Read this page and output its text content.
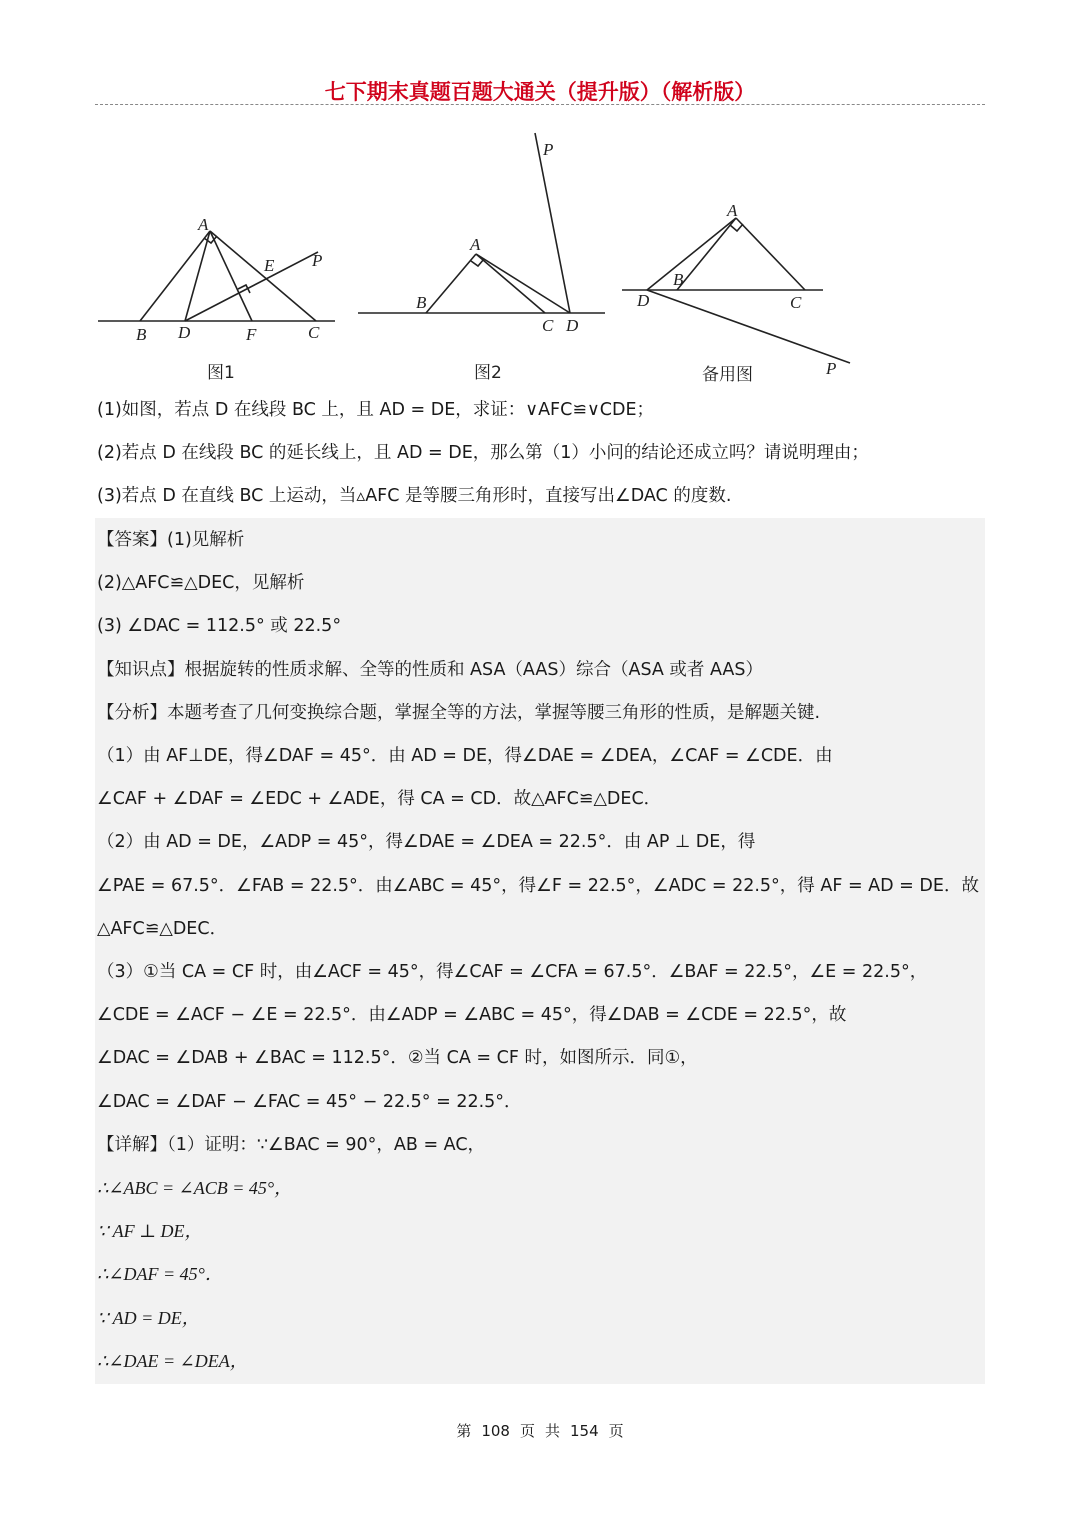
七下期末真题百题大通关（提升版）（解析版）
A
E P
B D	F	C
图1
P
A
B
C D
图2
A
B
D	C
P
备用图
(1)如图，若点 D 在线段 BC 上，且 AD = DE，求证：∨AFC≌∨CDE；
(2)若点 D 在线段 BC 的延长线上，且 AD = DE，那么第（1）小问的结论还成立吗？请说明理由；
(3)若点 D 在直线 BC 上运动，当▵AFC 是等腰三角形时，直接写出∠DAC 的度数.
【答案】(1)见解析
(2)△AFC≌△DEC，见解析
(3) ∠DAC = 112.5° 或 22.5°
【知识点】根据旋转的性质求解、全等的性质和 ASA（AAS）综合（ASA 或者 AAS）
【分析】本题考查了几何变换综合题，掌握全等的方法，掌握等腰三角形的性质，是解题关键.
（1）由 AF⊥DE，得∠DAF = 45°．由 AD = DE，得∠DAE = ∠DEA，∠CAF = ∠CDE．由
∠CAF + ∠DAF = ∠EDC + ∠ADE，得 CA = CD．故△AFC≌△DEC．
（2）由 AD = DE，∠ADP = 45°，得∠DAE = ∠DEA = 22.5°．由 AP ⊥ DE，得
∠PAE = 67.5°．∠FAB = 22.5°．由∠ABC = 45°，得∠F = 22.5°，∠ADC = 22.5°，得 AF = AD = DE．故
△AFC≌△DEC．
（3）①当 CA = CF 时，由∠ACF = 45°，得∠CAF = ∠CFA = 67.5°．∠BAF = 22.5°，∠E = 22.5°，
∠CDE = ∠ACF − ∠E = 22.5°．由∠ADP = ∠ABC = 45°，得∠DAB = ∠CDE = 22.5°，故
∠DAC = ∠DAB + ∠BAC = 112.5°．②当 CA = CF 时，如图所示．同①，
∠DAC = ∠DAF − ∠FAC = 45° − 22.5° = 22.5°．
【详解】（1）证明：∵∠BAC = 90°，AB = AC，
∴∠ABC = ∠ACB = 45°，
∵ AF ⊥ DE，
∴∠DAF = 45°．
∵ AD = DE，
∴∠DAE = ∠DEA，
第 108 页 共 154 页
